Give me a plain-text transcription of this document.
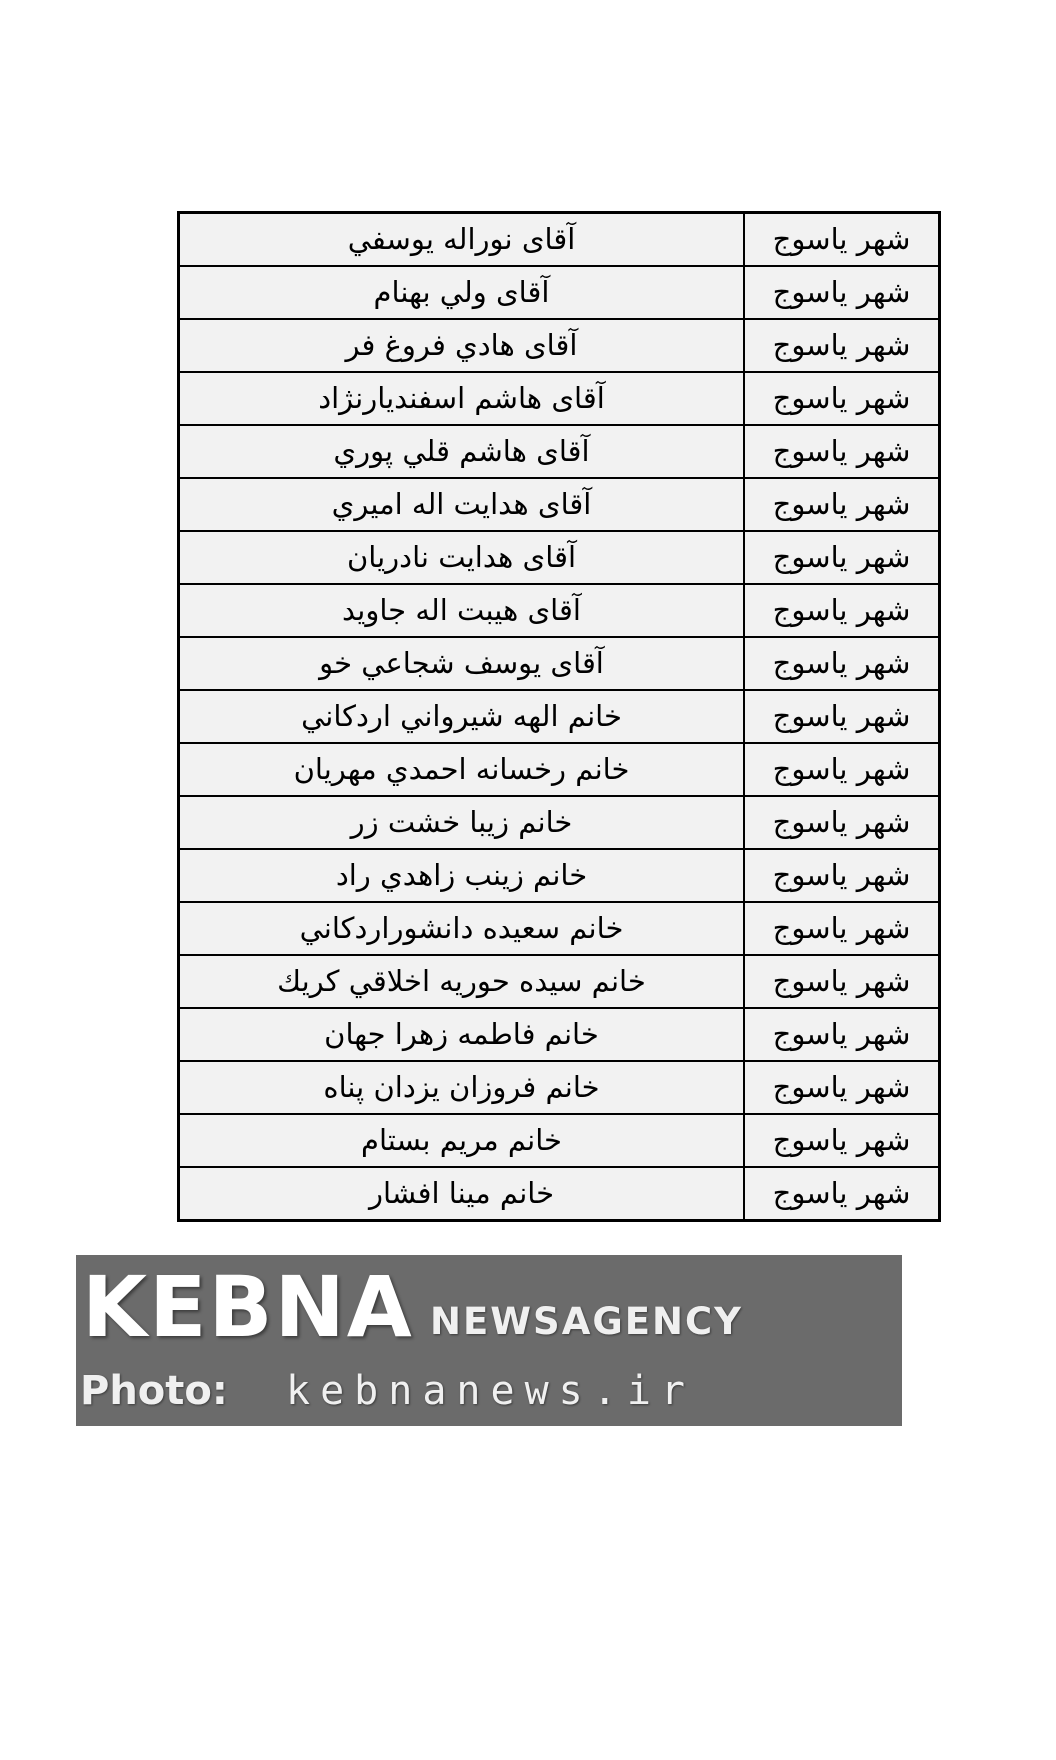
شهر ياسوج	آقای نوراله يوسفي
شهر ياسوج	آقای ولي بهنام
شهر ياسوج	آقای هادي فروغ فر
شهر ياسوج	آقای هاشم اسفنديارنژاد
شهر ياسوج	آقای هاشم قلي پوري
شهر ياسوج	آقای هدايت اله اميري
شهر ياسوج	آقای هدايت نادريان
شهر ياسوج	آقای هيبت اله جاويد
شهر ياسوج	آقای يوسف شجاعي خو
شهر ياسوج	خانم الهه شيرواني اردكاني
شهر ياسوج	خانم رخسانه احمدي مهريان
شهر ياسوج	خانم زيبا خشت زر
شهر ياسوج	خانم زينب زاهدي راد
شهر ياسوج	خانم سعيده دانشوراردكاني
شهر ياسوج	خانم سيده حوريه اخلاقي كريك
شهر ياسوج	خانم فاطمه زهرا جهان
شهر ياسوج	خانم فروزان يزدان پناه
شهر ياسوج	خانم مريم بستام
شهر ياسوج	خانم مينا افشار
KEBNA NEWSAGENCY
Photo: kebnanews.ir
